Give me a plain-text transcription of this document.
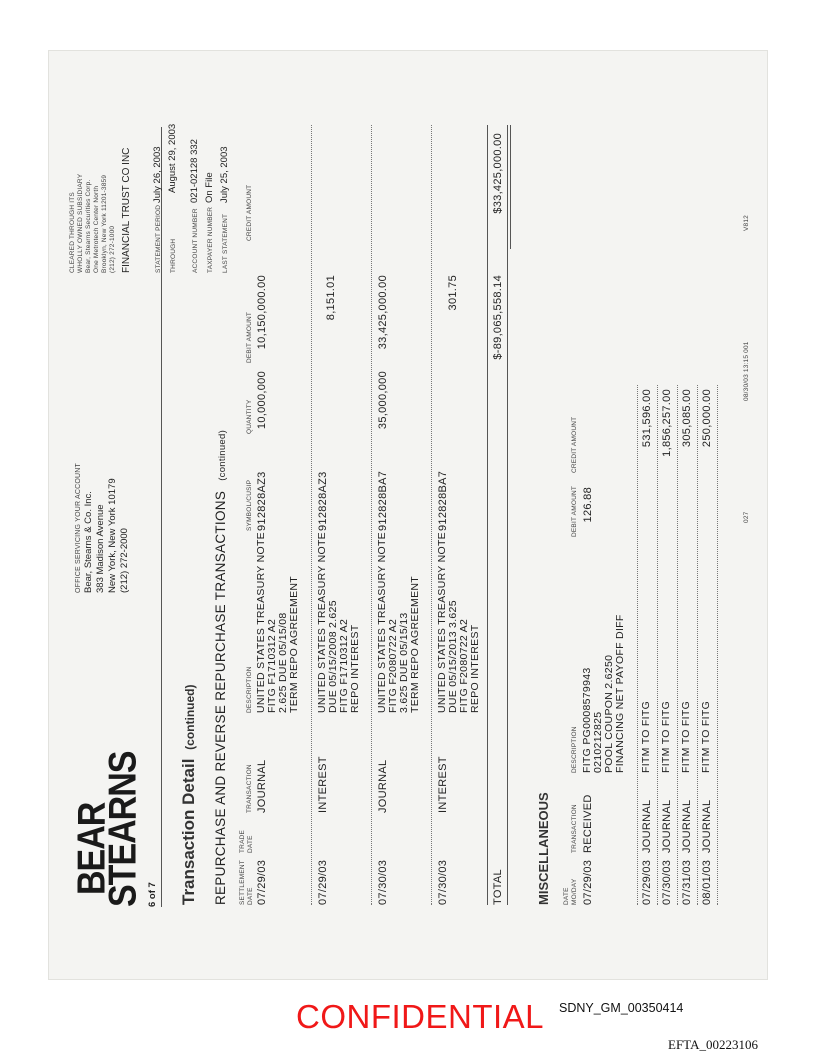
BEAR
STEARNS 6 of 7
OFFICE SERVICING YOUR ACCOUNT Bear, Stearns & Co. Inc. 383 Madison Avenue New York, New York 10179 (212) 272-2000
CLEARED THROUGH ITS WHOLLY OWNED SUBSIDIARY Bear, Stearns Securities Corp. One Metrotech Center North Brooklyn, New York 11201-3859 (212) 272-1000 FINANCIAL TRUST CO INC	STATEMENT PERIODJuly 26, 2003
THROUGHAugust 29, 2003
ACCOUNT NUMBER021-02128 332
TAXPAYER NUMBEROn File
LAST STATEMENTJuly 25, 2003
Transaction Detail (continued) REPURCHASE AND REVERSE REPURCHASE TRANSACTIONS (continued)
SETTLEMENT DATE
TRADE DATE
TRANSACTION
DESCRIPTION
SYMBOL/CUSIP
QUANTITY
DEBIT AMOUNT
CREDIT AMOUNT
07/29/03
JOURNAL
UNITED STATES TREASURY NOTE FITG F1710312 A2 2.625 DUE 05/15/08 TERM REPO AGREEMENT
912828AZ3
10,000,000
10,150,000.00
07/29/03
INTEREST
UNITED STATES TREASURY NOTE DUE 05/15/2008 2.625 FITG F1710312 A2 REPO INTEREST
912828AZ3
8,151.01
07/30/03
JOURNAL
UNITED STATES TREASURY NOTE FITG F2080722 A2 3.625 DUE 05/15/13 TERM REPO AGREEMENT
912828BA7
35,000,000
33,425,000.00
07/30/03
INTEREST
UNITED STATES TREASURY NOTE DUE 05/15/2013 3.625 FITG F2080722 A2 REPO INTEREST
912828BA7
301.75
TOTAL
$-89,065,558.14
$33,425,000.00
MISCELLANEOUS DATE MO/DAY
TRANSACTION
DESCRIPTION
DEBIT AMOUNT
CREDIT AMOUNT
07/29/03
RECEIVED
FITG PG0008579943 0210212825 POOL COUPON 2.6250 FINANCING NET PAYOFF DIFF
126.88
07/29/03
JOURNAL
FITM TO FITG
531,596.00
07/30/03
JOURNAL
FITM TO FITG
1,856,257.00
07/31/03
JOURNAL
FITM TO FITG
305,085.00
08/01/03
JOURNAL
FITM TO FITG
250,000.00
027
08/30/03 13:15 001
V812
CONFIDENTIAL SDNY_GM_00350414
EFTA_00223106
